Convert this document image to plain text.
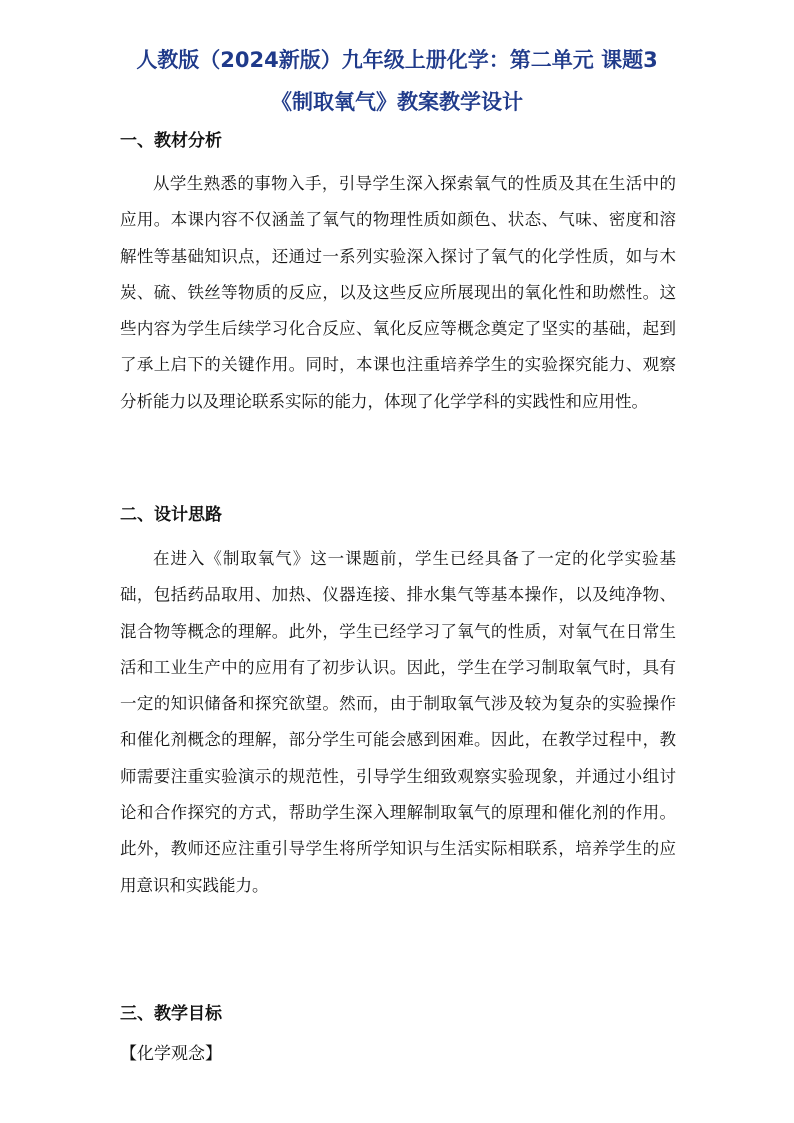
人教版（2024新版）九年级上册化学：第二单元 课题3
《制取氧气》教案教学设计
一、教材分析

从学生熟悉的事物入手，引导学生深入探索氧气的性质及其在生活中的应用。本课内容不仅涵盖了氧气的物理性质如颜色、状态、气味、密度和溶解性等基础知识点，还通过一系列实验深入探讨了氧气的化学性质，如与木炭、硫、铁丝等物质的反应，以及这些反应所展现出的氧化性和助燃性。这些内容为学生后续学习化合反应、氧化反应等概念奠定了坚实的基础，起到了承上启下的关键作用。同时，本课也注重培养学生的实验探究能力、观察分析能力以及理论联系实际的能力，体现了化学学科的实践性和应用性。

二、设计思路

在进入《制取氧气》这一课题前，学生已经具备了一定的化学实验基础，包括药品取用、加热、仪器连接、排水集气等基本操作，以及纯净物、混合物等概念的理解。此外，学生已经学习了氧气的性质，对氧气在日常生活和工业生产中的应用有了初步认识。因此，学生在学习制取氧气时，具有一定的知识储备和探究欲望。然而，由于制取氧气涉及较为复杂的实验操作和催化剂概念的理解，部分学生可能会感到困难。因此，在教学过程中，教师需要注重实验演示的规范性，引导学生细致观察实验现象，并通过小组讨论和合作探究的方式，帮助学生深入理解制取氧气的原理和催化剂的作用。此外，教师还应注重引导学生将所学知识与生活实际相联系，培养学生的应用意识和实践能力。

三、教学目标
【化学观念】
